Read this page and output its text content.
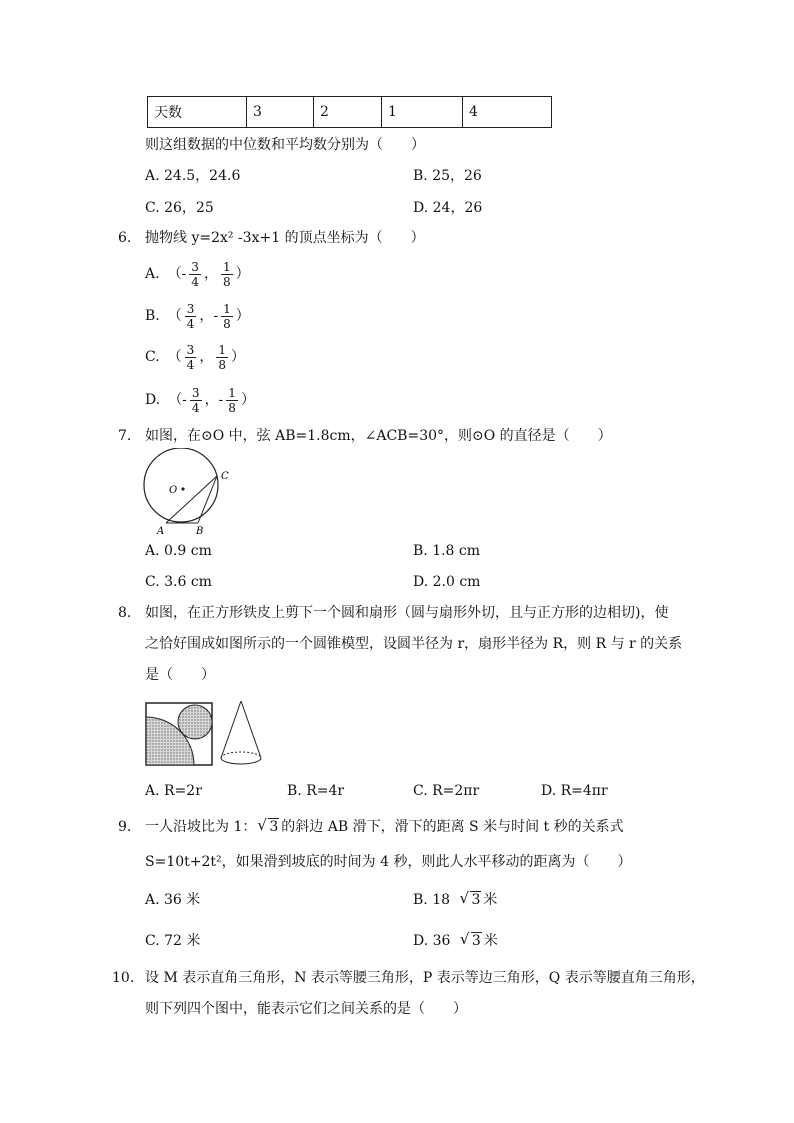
天数	3	2	1	4
则这组数据的中位数和平均数分别为（　　）
A. 24.5，24.6	B. 25，26
C. 26，25	D. 24，26
6. 抛物线 y=2x² -3x+1 的顶点坐标为（　　）
A. （- $\frac{3}{4}$ ， $\frac{1}{8}$ ）
B. （ $\frac{3}{4}$ ，- $\frac{1}{8}$ ）
C. （ $\frac{3}{4}$ ， $\frac{1}{8}$ ）
D. （- $\frac{3}{4}$ ，- $\frac{1}{8}$ ）
7. 如图，在⊙O 中，弦 AB=1.8cm，∠ACB=30°，则⊙O 的直径是（　　）
O
A	B
C
A. 0.9 cm	B. 1.8 cm
C. 3.6 cm	D. 2.0 cm
8. 如图，在正方形铁皮上剪下一个圆和扇形（圆与扇形外切，且与正方形的边相切)，使
之恰好围成如图所示的一个圆锥模型，设圆半径为 r，扇形半径为 R，则 R 与 r 的关系
是（　　）
A. R=2r	B. R=4r	C. R=2πr	D. R=4πr
9. 一人沿坡比为 1： √ 3 的斜边 AB 滑下，滑下的距离 S 米与时间 t 秒的关系式
S=10t+2t²，如果滑到坡底的时间为 4 秒，则此人水平移动的距离为（　　）
A. 36 米	B. 18 √ 3 米
C. 72 米	D. 36 √ 3 米
10. 设 M 表示直角三角形，N 表示等腰三角形，P 表示等边三角形，Q 表示等腰直角三角形，
则下列四个图中，能表示它们之间关系的是（　　）
